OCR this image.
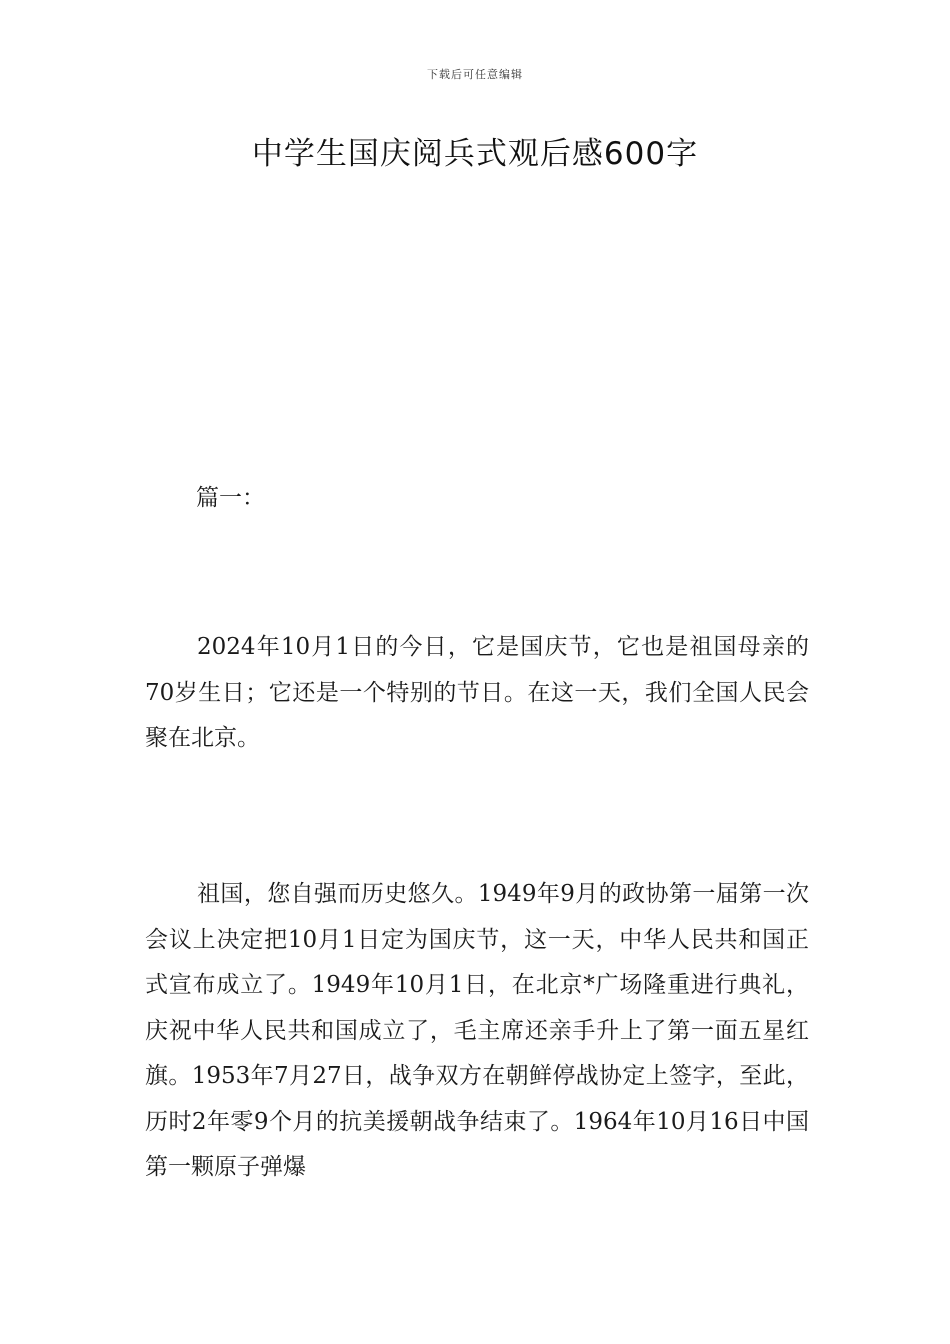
下载后可任意编辑
中学生国庆阅兵式观后感600字

篇一：

2024年10月1日的今日，它是国庆节，它也是祖国母亲的70岁生日；它还是一个特别的节日。在这一天，我们全国人民会聚在北京。

祖国，您自强而历史悠久。1949年9月的政协第一届第一次会议上决定把10月1日定为国庆节，这一天，中华人民共和国正式宣布成立了。1949年10月1日，在北京*广场隆重进行典礼，庆祝中华人民共和国成立了，毛主席还亲手升上了第一面五星红旗。1953年7月27日，战争双方在朝鲜停战协定上签字，至此，历时2年零9个月的抗美援朝战争结束了。1964年10月16日中国第一颗原子弹爆
